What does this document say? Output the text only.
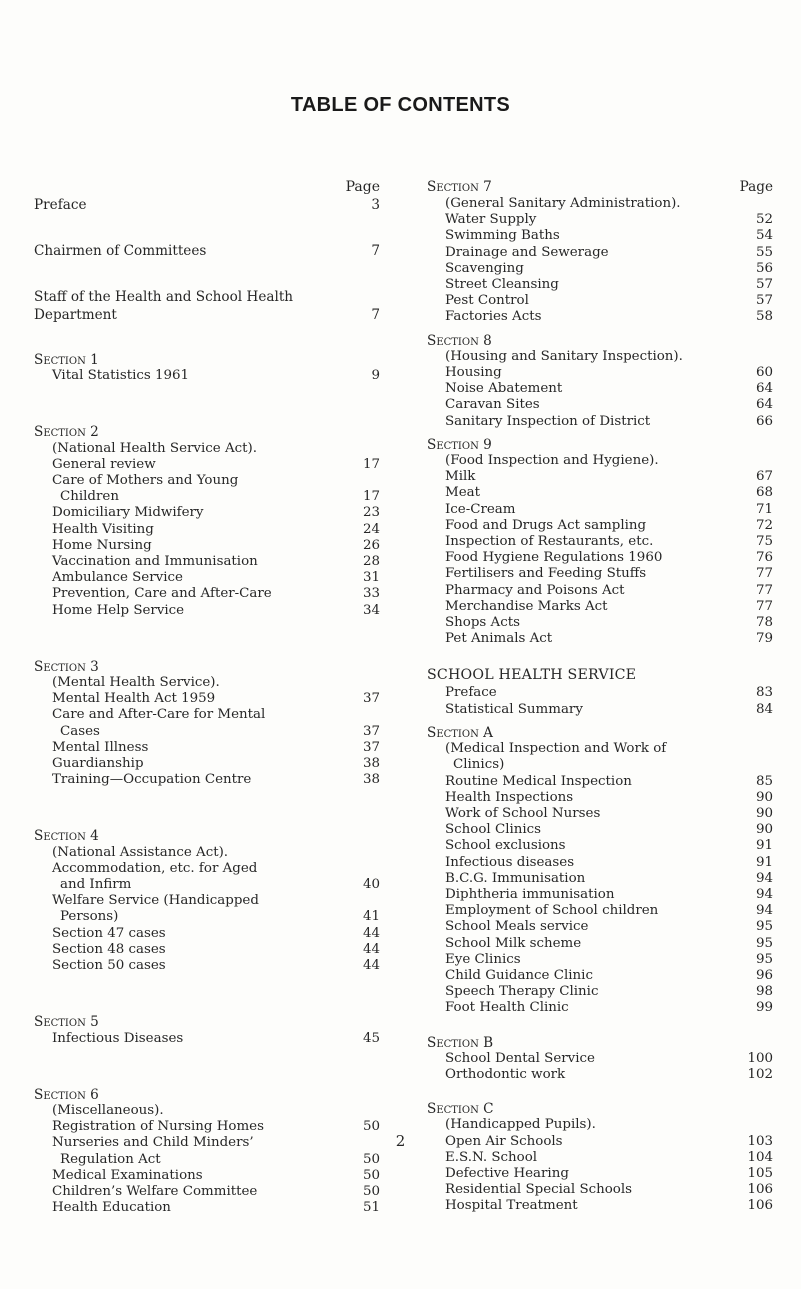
TABLE OF CONTENTS
Page
Preface	3
Chairmen of Committees	7
Staff of the Health and School Health
Department	7
Section 1
Vital Statistics 1961	9
Section 2
(National Health Service Act).
General review	17
Care of Mothers and Young
Children	17
Domiciliary Midwifery	23
Health Visiting	24
Home Nursing	26
Vaccination and Immunisation	28
Ambulance Service	31
Prevention, Care and After-Care	33
Home Help Service	34
Section 3
(Mental Health Service).
Mental Health Act 1959	37
Care and After-Care for Mental
Cases	37
Mental Illness	37
Guardianship	38
Training—Occupation Centre	38
Section 4
(National Assistance Act).
Accommodation, etc. for Aged
and Infirm	40
Welfare Service (Handicapped
Persons)	41
Section 47 cases	44
Section 48 cases	44
Section 50 cases	44
Section 5
Infectious Diseases	45
Section 6
(Miscellaneous).
Registration of Nursing Homes	50
Nurseries and Child Minders’
Regulation Act	50
Medical Examinations	50
Children’s Welfare Committee	50
Health Education	51
Section 7	Page
(General Sanitary Administration).
Water Supply	52
Swimming Baths	54
Drainage and Sewerage	55
Scavenging	56
Street Cleansing	57
Pest Control	57
Factories Acts	58
Section 8
(Housing and Sanitary Inspection).
Housing	60
Noise Abatement	64
Caravan Sites	64
Sanitary Inspection of District	66
Section 9
(Food Inspection and Hygiene).
Milk	67
Meat	68
Ice-Cream	71
Food and Drugs Act sampling	72
Inspection of Restaurants, etc.	75
Food Hygiene Regulations 1960	76
Fertilisers and Feeding Stuffs	77
Pharmacy and Poisons Act	77
Merchandise Marks Act	77
Shops Acts	78
Pet Animals Act	79
SCHOOL HEALTH SERVICE
Preface	83
Statistical Summary	84
Section A
(Medical Inspection and Work of
Clinics)
Routine Medical Inspection	85
Health Inspections	90
Work of School Nurses	90
School Clinics	90
School exclusions	91
Infectious diseases	91
B.C.G. Immunisation	94
Diphtheria immunisation	94
Employment of School children	94
School Meals service	95
School Milk scheme	95
Eye Clinics	95
Child Guidance Clinic	96
Speech Therapy Clinic	98
Foot Health Clinic	99
Section B
School Dental Service	100
Orthodontic work	102
Section C
(Handicapped Pupils).
Open Air Schools	103
E.S.N. School	104
Defective Hearing	105
Residential Special Schools	106
Hospital Treatment	106
2
